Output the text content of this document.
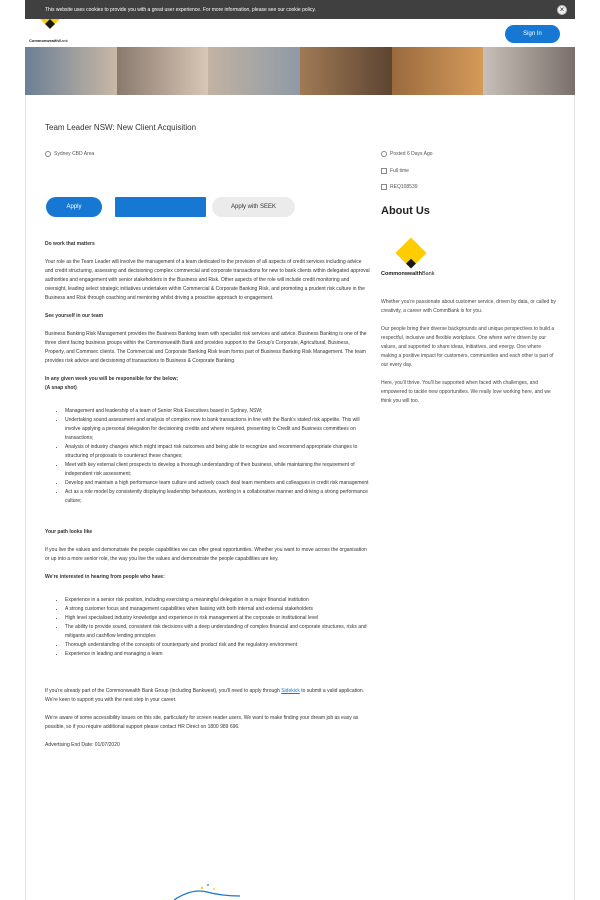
This website uses cookies to provide you with a great user experience. For more information, please see our cookie policy.	×
CommonwealthBank
Sign In
Team Leader NSW: New Client Acquisition
Sydney CBD Area	Posted 6 Days Ago
Full time
REQ108539
Apply	Apply with SEEK

Do work that matters

Your role as the Team Leader will involve the management of a team dedicated to the provision of all aspects of credit services including advice and credit structuring, assessing and decisioning complex commercial and corporate transactions for new to bank clients within delegated approval authorities and engagement with senior stakeholders in the Business and Risk. Other aspects of the role will include credit monitoring and oversight, leading select strategic initiatives undertaken within Commercial & Corporate Banking Risk, and promoting a prudent risk culture in the Business and Risk through coaching and mentoring whilst driving a proactive approach to engagement.

See yourself in our team

Business Banking Risk Management provides the Business Banking team with specialist risk services and advice. Business Banking is one of the three client facing business groups within the Commonwealth Bank and provides support to the Group's Corporate, Agricultural, Business, Property, and Commsec clients. The Commercial and Corporate Banking Risk team forms part of Business Banking Risk Management. The team provides risk advice and decisioning of transactions to Business & Corporate Banking.

In any given week you will be responsible for the below;
(A snap shot)
• Management and leadership of a team of Senior Risk Executives based in Sydney, NSW;
• Undertaking sound assessment and analysis of complex new to bank transactions in line with the Bank's stated risk appetite. This will involve applying a personal delegation for decisioning credits and where required, presenting to Credit and Business committees on transactions;
• Analysis of industry changes which might impact risk outcomes and being able to recognize and recommend appropriate changes to structuring of proposals to counteract these changes;
• Meet with key external client prospects to develop a thorough understanding of their business, while maintaining the requirement of independent risk assessment;
• Develop and maintain a high performance team culture and actively coach deal team members and colleagues in credit risk management
• Act as a role model by consistently displaying leadership behaviours, working in a collaborative manner and driving a strong performance culture;

Your path looks like

If you live the values and demonstrate the people capabilities we can offer great opportunities. Whether you want to move across the organisation or up into a more senior role, the way you live the values and demonstrate the people capabilities are key.

We're interested in hearing from people who have:

• Experience in a senior risk position, including exercising a meaningful delegation in a major financial institution
• A strong customer focus and management capabilities when liaising with both internal and external stakeholders
• High level specialised industry knowledge and experience in risk management at the corporate or institutional level
• The ability to provide sound, consistent risk decisions with a deep understanding of complex financial and corporate structures, risks and mitigants and cashflow lending principles
• Thorough understanding of the concepts of counterparty and product risk and the regulatory environment
• Experience in leading and managing a team

If you're already part of the Commonwealth Bank Group (including Bankwest), you'll need to apply through Sidekick to submit a valid application. We're keen to support you with the next step in your career.

We're aware of some accessibility issues on this site, particularly for screen reader users. We want to make finding your dream job as easy as possible, so if you require additional support please contact HR Direct on 1800 989 696.

Advertising End Date: 01/07/2020

About Us
CommonwealthBank

Whether you're passionate about customer service, driven by data, or called by creativity, a career with CommBank is for you.

Our people bring their diverse backgrounds and unique perspectives to build a respectful, inclusive and flexible workplace. One where we're driven by our values, and supported to share ideas, initiatives, and energy. One where making a positive impact for customers, communities and each other is part of our every day.

Here, you'll thrive. You'll be supported when faced with challenges, and empowered to tackle new opportunities. We really love working here, and we think you will too.
